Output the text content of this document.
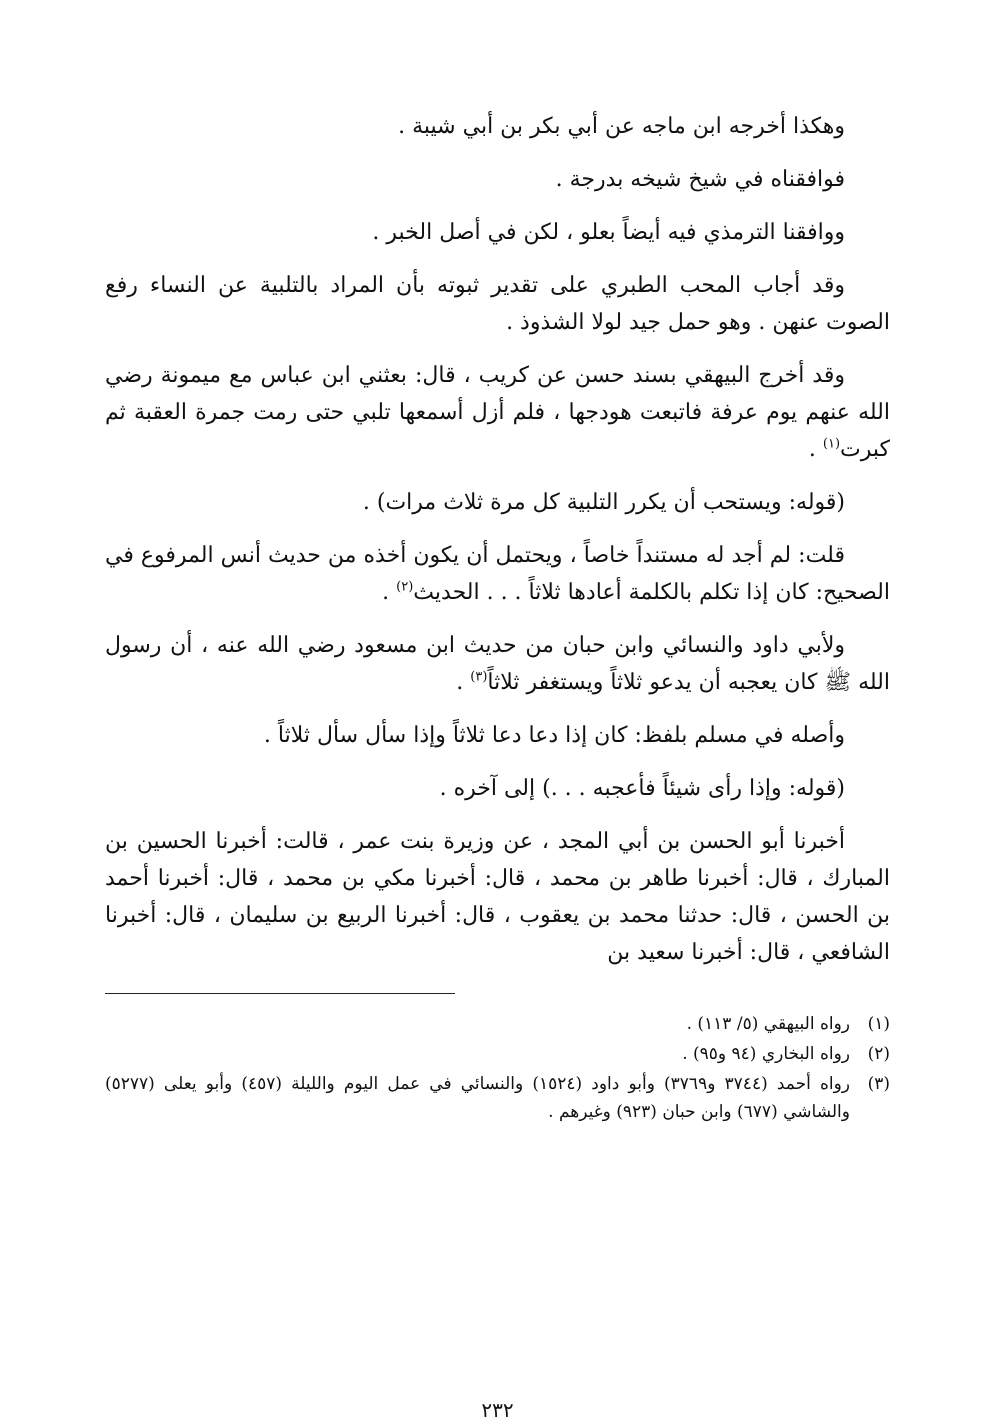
وهكذا أخرجه ابن ماجه عن أبي بكر بن أبي شيبة .

فوافقناه في شيخ شيخه بدرجة .

ووافقنا الترمذي فيه أيضاً بعلو ، لكن في أصل الخبر .

وقد أجاب المحب الطبري على تقدير ثبوته بأن المراد بالتلبية عن النساء رفع الصوت عنهن . وهو حمل جيد لولا الشذوذ .

وقد أخرج البيهقي بسند حسن عن كريب ، قال: بعثني ابن عباس مع ميمونة رضي الله عنهم يوم عرفة فاتبعت هودجها ، فلم أزل أسمعها تلبي حتى رمت جمرة العقبة ثم كبرت$^{(١)}$ .

(قوله: ويستحب أن يكرر التلبية كل مرة ثلاث مرات) .

قلت: لم أجد له مستنداً خاصاً ، ويحتمل أن يكون أخذه من حديث أنس المرفوع في الصحيح: كان إذا تكلم بالكلمة أعادها ثلاثاً . . . الحديث$^{(٢)}$ .

ولأبي داود والنسائي وابن حبان من حديث ابن مسعود رضي الله عنه ، أن رسول الله ﷺ كان يعجبه أن يدعو ثلاثاً ويستغفر ثلاثاً$^{(٣)}$ .

وأصله في مسلم بلفظ: كان إذا دعا دعا ثلاثاً وإذا سأل سأل ثلاثاً .

(قوله: وإذا رأى شيئاً فأعجبه . . .) إلى آخره .

أخبرنا أبو الحسن بن أبي المجد ، عن وزيرة بنت عمر ، قالت: أخبرنا الحسين بن المبارك ، قال: أخبرنا طاهر بن محمد ، قال: أخبرنا مكي بن محمد ، قال: أخبرنا أحمد بن الحسن ، قال: حدثنا محمد بن يعقوب ، قال: أخبرنا الربيع بن سليمان ، قال: أخبرنا الشافعي ، قال: أخبرنا سعيد بن

(١)
رواه البيهقي (٥/ ١١٣) .
(٢)
رواه البخاري (٩٤ و٩٥) .
(٣)
رواه أحمد (٣٧٤٤ و٣٧٦٩) وأبو داود (١٥٢٤) والنسائي في عمل اليوم والليلة (٤٥٧) وأبو يعلى (٥٢٧٧) والشاشي (٦٧٧) وابن حبان (٩٢٣) وغيرهم .
٢٣٢
